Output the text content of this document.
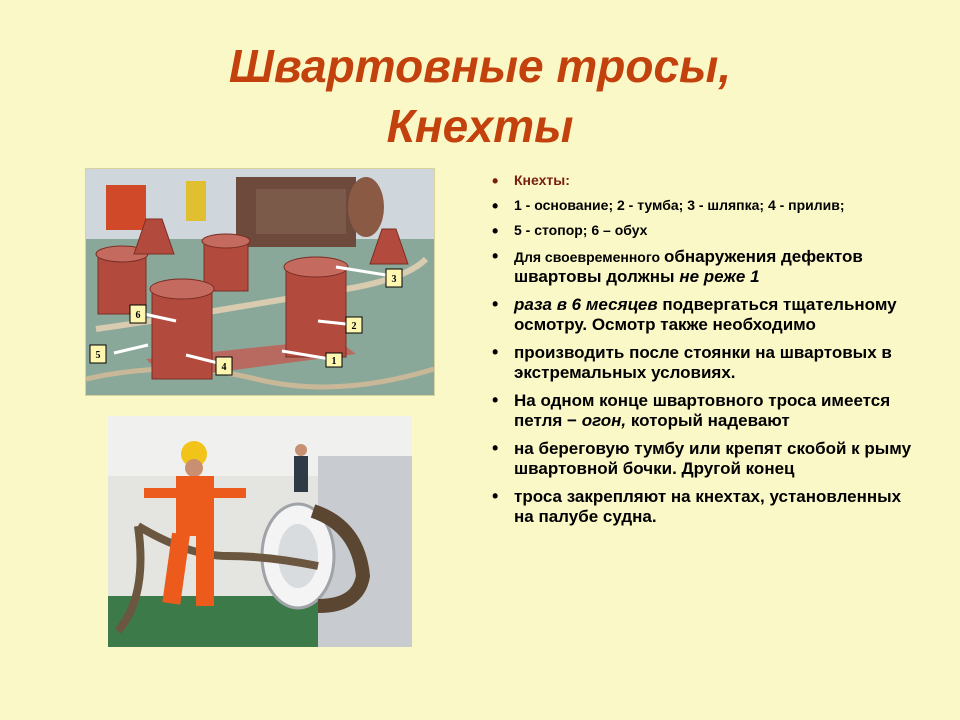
Швартовные тросы,
Кнехты
1
2
3
4
5
6
• Кнехты:
• 1 - основание; 2 - тумба; 3 - шляпка; 4 - прилив;
• 5 - стопор; 6 – обух
• Для своевременного обнаружения дефектов швартовы должны не реже 1
• раза в 6 месяцев подвергаться тщательному осмотру. Осмотр также необходимо
• производить после стоянки на швартовых в экстремальных условиях.
• На одном конце швартовного троса имеется петля − огон, который надевают
• на береговую тумбу или крепят скобой к рыму швартовной бочки. Другой конец
• троса закрепляют на кнехтах, установленных на палубе судна.
